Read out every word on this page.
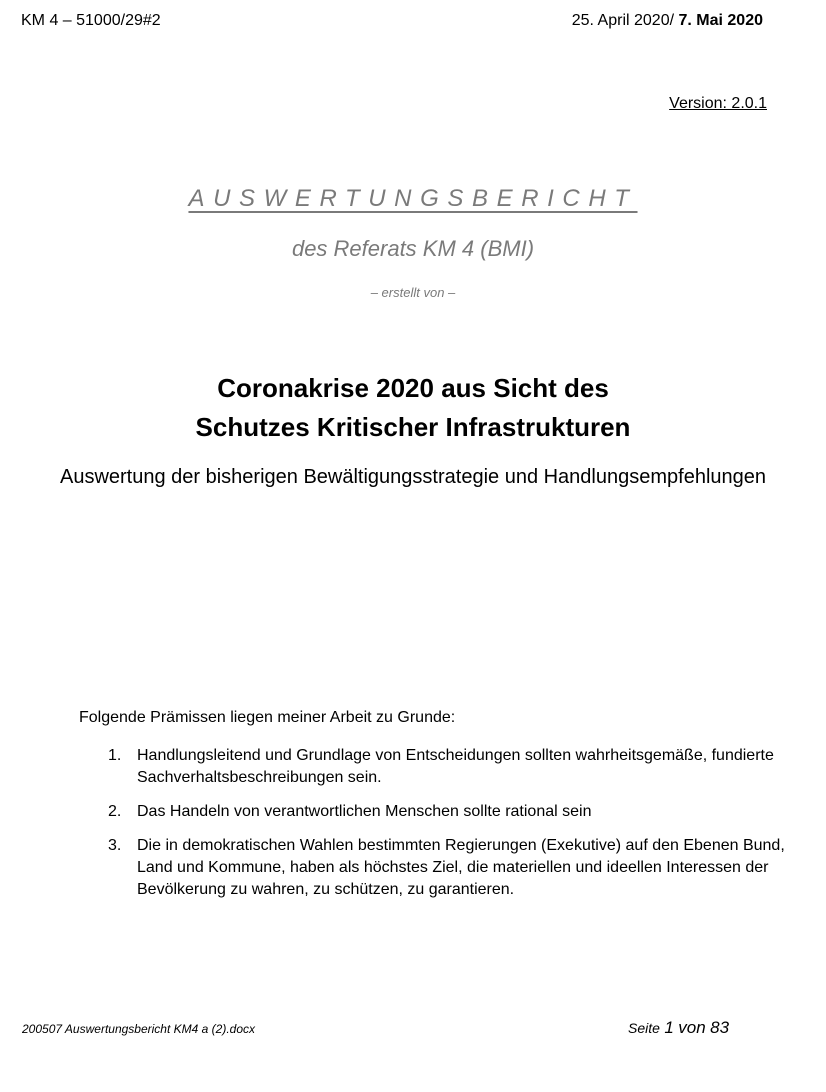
KM 4 – 51000/29#2	25. April 2020/ 7. Mai 2020
Version: 2.0.1
AUSWERTUNGSBERICHT
des Referats KM 4 (BMI)
– erstellt von –
Coronakrise 2020 aus Sicht des
Schutzes Kritischer Infrastrukturen
Auswertung der bisherigen Bewältigungsstrategie und Handlungsempfehlungen
Folgende Prämissen liegen meiner Arbeit zu Grunde:
1. Handlungsleitend und Grundlage von Entscheidungen sollten wahrheitsgemäße, fundierte Sachverhaltsbeschreibungen sein.
2. Das Handeln von verantwortlichen Menschen sollte rational sein
3. Die in demokratischen Wahlen bestimmten Regierungen (Exekutive) auf den Ebenen Bund, Land und Kommune, haben als höchstes Ziel, die materiellen und ideellen Interessen der Bevölkerung zu wahren, zu schützen, zu garantieren.
200507 Auswertungsbericht KM4 a (2).docx	Seite 1 von 83
